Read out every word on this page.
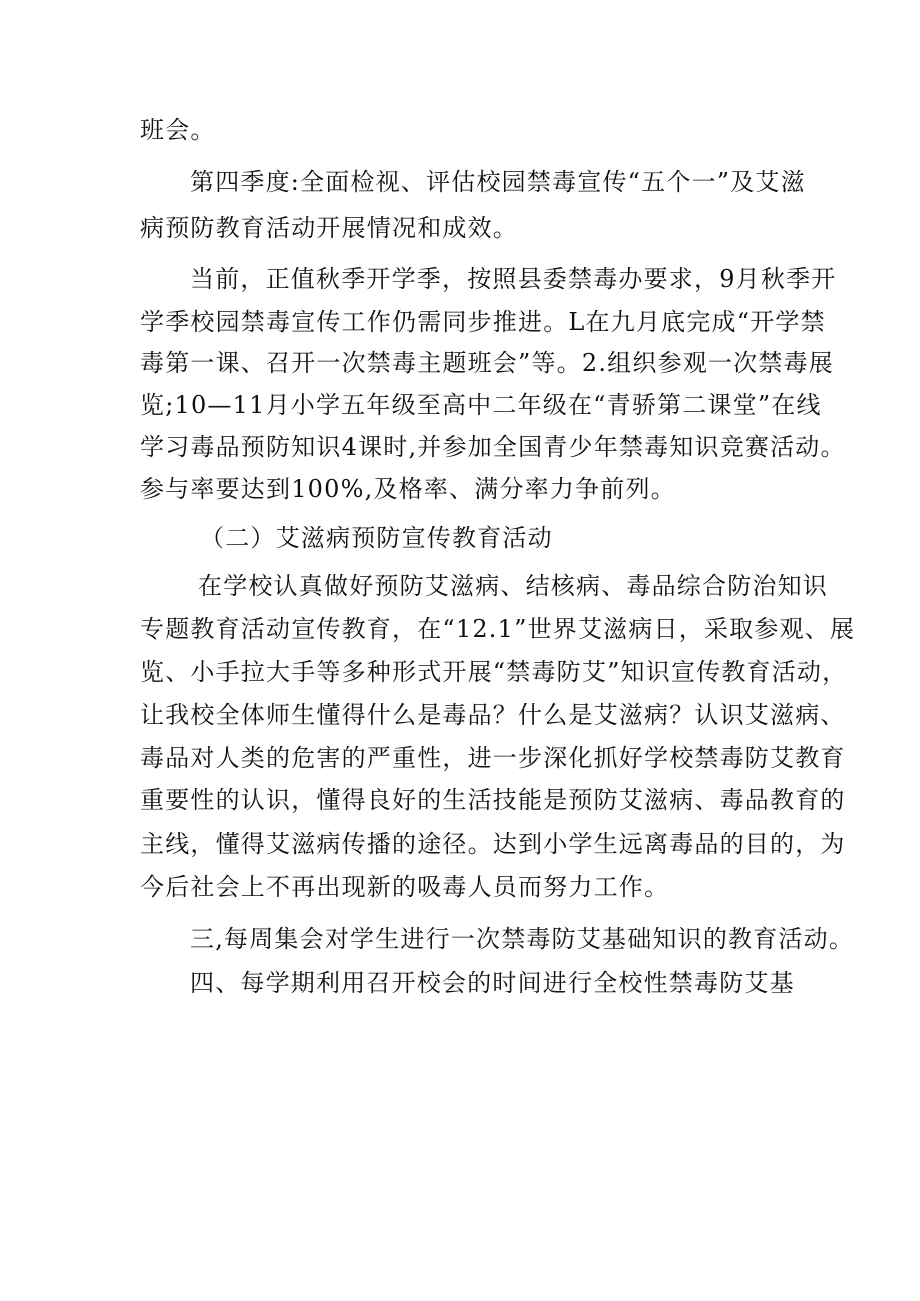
班会。
第四季度:全面检视、评估校园禁毒宣传“五个一”及艾滋
病预防教育活动开展情况和成效。
当前，正值秋季开学季，按照县委禁毒办要求，9月秋季开
学季校园禁毒宣传工作仍需同步推进。L在九月底完成“开学禁
毒第一课、召开一次禁毒主题班会”等。2.组织参观一次禁毒展
览;10—11月小学五年级至高中二年级在“青骄第二课堂”在线
学习毒品预防知识4课时,并参加全国青少年禁毒知识竞赛活动。
参与率要达到100%,及格率、满分率力争前列。
（二）艾滋病预防宣传教育活动
在学校认真做好预防艾滋病、结核病、毒品综合防治知识
专题教育活动宣传教育，在“12.1”世界艾滋病日，采取参观、展
览、小手拉大手等多种形式开展“禁毒防艾”知识宣传教育活动，
让我校全体师生懂得什么是毒品？什么是艾滋病？认识艾滋病、
毒品对人类的危害的严重性，进一步深化抓好学校禁毒防艾教育
重要性的认识，懂得良好的生活技能是预防艾滋病、毒品教育的
主线，懂得艾滋病传播的途径。达到小学生远离毒品的目的，为
今后社会上不再出现新的吸毒人员而努力工作。
三,每周集会对学生进行一次禁毒防艾基础知识的教育活动。
四、每学期利用召开校会的时间进行全校性禁毒防艾基
